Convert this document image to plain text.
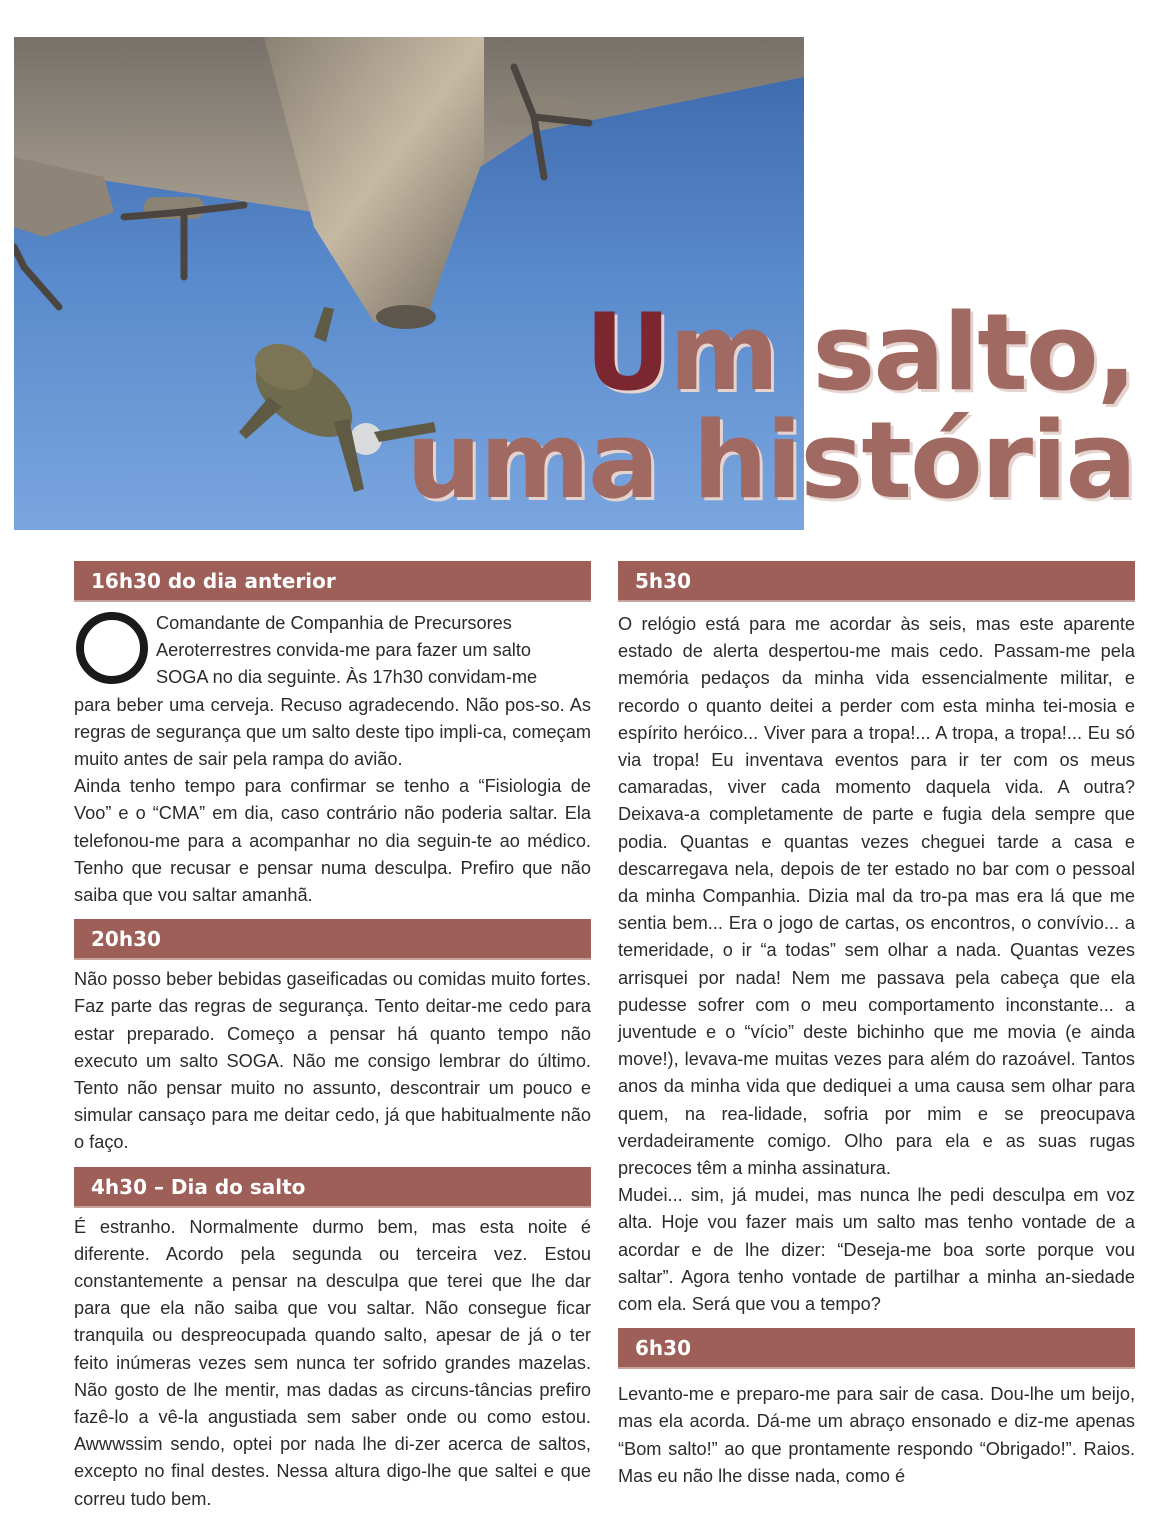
Um salto,
uma história
16h30 do dia anterior

Comandante de Companhia de Precursores
Aeroterrestres convida-me para fazer um salto
SOGA no dia seguinte. Às 17h30 convidam-me

para beber uma cerveja. Recuso agradecendo. Não pos-so. As regras de segurança que um salto deste tipo impli-ca, começam muito antes de sair pela rampa do avião.

Ainda tenho tempo para confirmar se tenho a “Fisiologia de Voo” e o “CMA” em dia, caso contrário não poderia saltar. Ela telefonou-me para a acompanhar no dia seguin-te ao médico. Tenho que recusar e pensar numa desculpa. Prefiro que não saiba que vou saltar amanhã.

20h30

Não posso beber bebidas gaseificadas ou comidas muito fortes. Faz parte das regras de segurança. Tento deitar-me cedo para estar preparado. Começo a pensar há quanto tempo não executo um salto SOGA. Não me consigo lembrar do último. Tento não pensar muito no assunto, descontrair um pouco e simular cansaço para me deitar cedo, já que habitualmente não o faço.

4h30 – Dia do salto

É estranho. Normalmente durmo bem, mas esta noite é diferente. Acordo pela segunda ou terceira vez. Estou constantemente a pensar na desculpa que terei que lhe dar para que ela não saiba que vou saltar. Não consegue ficar tranquila ou despreocupada quando salto, apesar de já o ter feito inúmeras vezes sem nunca ter sofrido grandes mazelas. Não gosto de lhe mentir, mas dadas as circuns-tâncias prefiro fazê-lo a vê-la angustiada sem saber onde ou como estou. Awwwssim sendo, optei por nada lhe di-zer acerca de saltos, excepto no final destes. Nessa altura digo-lhe que saltei e que correu tudo bem.

5h30

O relógio está para me acordar às seis, mas este aparente estado de alerta despertou-me mais cedo. Passam-me pela memória pedaços da minha vida essencialmente militar, e recordo o quanto deitei a perder com esta minha tei-mosia e espírito heróico... Viver para a tropa!... A tropa, a tropa!... Eu só via tropa! Eu inventava eventos para ir ter com os meus camaradas, viver cada momento daquela vida. A outra? Deixava-a completamente de parte e fugia dela sempre que podia. Quantas e quantas vezes cheguei tarde a casa e descarregava nela, depois de ter estado no bar com o pessoal da minha Companhia. Dizia mal da tro-pa mas era lá que me sentia bem... Era o jogo de cartas, os encontros, o convívio... a temeridade, o ir “a todas” sem olhar a nada. Quantas vezes arrisquei por nada! Nem me passava pela cabeça que ela pudesse sofrer com o meu comportamento inconstante... a juventude e o “vício” deste bichinho que me movia (e ainda move!), levava-me muitas vezes para além do razoável. Tantos anos da minha vida que dediquei a uma causa sem olhar para quem, na rea-lidade, sofria por mim e se preocupava verdadeiramente comigo. Olho para ela e as suas rugas precoces têm a minha assinatura.

Mudei... sim, já mudei, mas nunca lhe pedi desculpa em voz alta. Hoje vou fazer mais um salto mas tenho vontade de a acordar e de lhe dizer: “Deseja-me boa sorte porque vou saltar”. Agora tenho vontade de partilhar a minha an-siedade com ela. Será que vou a tempo?

6h30

Levanto-me e preparo-me para sair de casa. Dou-lhe um beijo, mas ela acorda. Dá-me um abraço ensonado e diz-me apenas “Bom salto!” ao que prontamente respondo “Obrigado!”. Raios. Mas eu não lhe disse nada, como é
